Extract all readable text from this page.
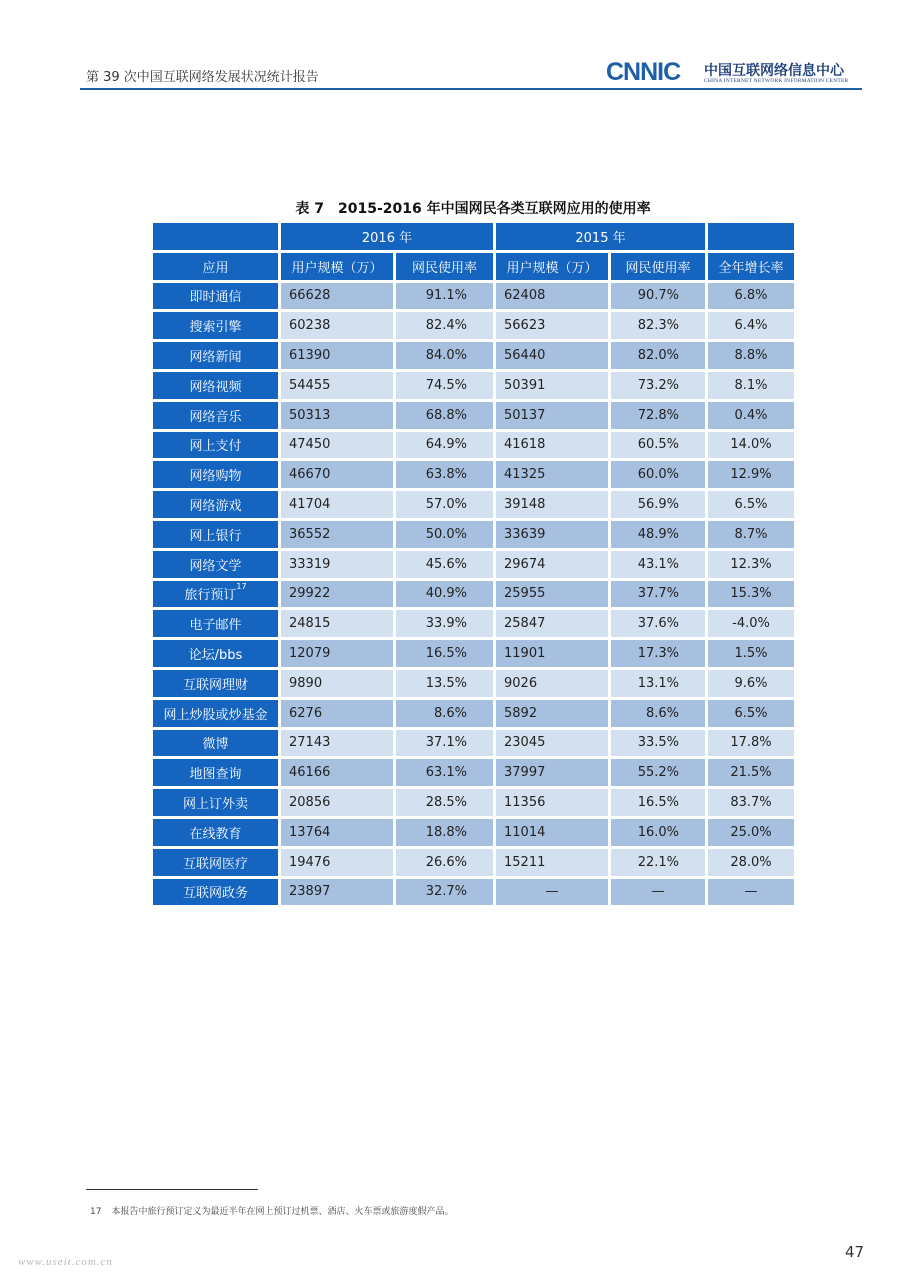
第 39 次中国互联网络发展状况统计报告	CNNIC 中国互联网络信息中心
CHINA INTERNET NETWORK INFORMATION CENTER
表 7　2015-2016 年中国网民各类互联网应用的使用率
	2016 年		2015 年		
应用	用户规模（万）	网民使用率	用户规模（万）	网民使用率	全年增长率
即时通信	66628	91.1%	62408	90.7%	6.8%
搜索引擎	60238	82.4%	56623	82.3%	6.4%
网络新闻	61390	84.0%	56440	82.0%	8.8%
网络视频	54455	74.5%	50391	73.2%	8.1%
网络音乐	50313	68.8%	50137	72.8%	0.4%
网上支付	47450	64.9%	41618	60.5%	14.0%
网络购物	46670	63.8%	41325	60.0%	12.9%
网络游戏	41704	57.0%	39148	56.9%	6.5%
网上银行	36552	50.0%	33639	48.9%	8.7%
网络文学	33319	45.6%	29674	43.1%	12.3%
旅行预订$^{17}$	29922	40.9%	25955	37.7%	15.3%
电子邮件	24815	33.9%	25847	37.6%	-4.0%
论坛/bbs	12079	16.5%	11901	17.3%	1.5%
互联网理财	9890	13.5%	9026	13.1%	9.6%
网上炒股或炒基金	6276	8.6%	5892	8.6%	6.5%
微博	27143	37.1%	23045	33.5%	17.8%
地图查询	46166	63.1%	37997	55.2%	21.5%
网上订外卖	20856	28.5%	11356	16.5%	83.7%
在线教育	13764	18.8%	11014	16.0%	25.0%
互联网医疗	19476	26.6%	15211	22.1%	28.0%
互联网政务	23897	32.7%	—	—	—
17 本报告中旅行预订定义为最近半年在网上预订过机票、酒店、火车票或旅游度假产品。
www.useit.com.cn
47
